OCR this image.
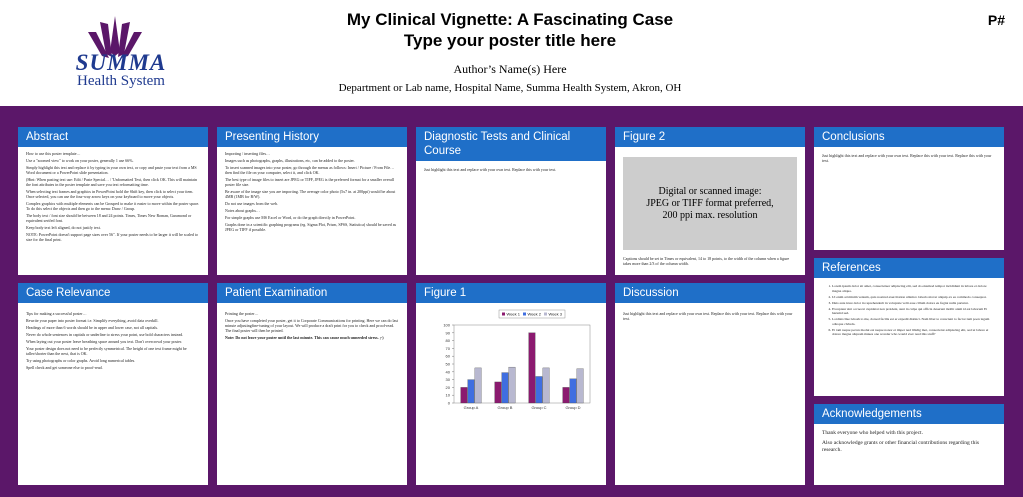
SUMMA
Health System
My Clinical Vignette: A Fascinating Case
Type your poster title here
Author’s Name(s) Here
Department or Lab name, Hospital Name, Summa Health System, Akron, OH
P#
Abstract

How to use this poster template…

Use a "zoomed view" to work on your poster, generally 1 use 66%.

Simply highlight this text and replace it by typing in your own text, or copy and paste your text from a MS Word document or a PowerPoint slide presentation.

(Hint: When pasting text use: Edit / Paste Special… / 'Unformatted Text, then click OK. This will maintain the font attributes in the poster template and save you text reformatting time.

When selecting text frames and graphics in PowerPoint hold the Shift key, then click to select your item. Once selected, you can use the four-way arrow keys on your keyboard to move your objects.

Complex graphics with multiple elements can be Grouped to make it easier to move within the poster space. To do this select the objects and then go to the menu: Draw / Group.

The body text / font size should be between 18 and 24 points. Times, Times New Roman, Garamond or equivalent serifed font.

Keep body text left aligned, do not justify text.

NOTE: PowerPoint doesn't support page sizes over 56". If your poster needs to be larger it will be scaled to size for the final print.

Case Relevance

Tips for making a successful poster…

Rewrite your paper into poster format i.e. Simplify everything, avoid data overkill.

Headings of more than 6 words should be in upper and lower case, not all capitals.

Never do whole sentences in capitals or underline to stress your point, use bold characters instead.

When laying out your poster leave breathing space around you text. Don't overcrowd your poster.

Your poster design does not need to be perfectly symmetrical. The height of one text frame might be taller/shorter than the next, that is OK.

Try using photographs or color graphs. Avoid long numerical tables.

Spell check and get someone else to proof-read.

Presenting History

Importing / inserting files…

Images such as photographs, graphs, illustrations, etc, can be added to the poster.

To insert scanned images into your poster, go through the menus as follows: Insert / Picture / From File… then find the file on your computer, select it, and click OK.

The best type of image files to insert are JPEG or TIFF, JPEG is the preferred format for a smaller overall poster file size.

Be aware of the image size you are importing. The average color photo (5x7 in. at 200ppi) would be about 4MB (1MB for B/W).

Do not use images from the web.

Notes about graphs…

For simple graphs use MS Excel or Word, or do the graph directly in PowerPoint.

Graphs done in a scientific graphing programs (eg. Sigma Plot, Prism, SPSS, Statistica) should be saved as JPEG or TIFF if possible.

Patient Examination

Printing the poster…

Once you have completed your poster, get it to Corporate Communications for printing. Here we can do last minute adjustingfine-tuning of your layout. We will produce a draft print for you to check and proof-read. The final poster will then be printed.

Note: Do not leave your poster until the last minute. This can cause much unneeded stress. ;-)

Diagnostic Tests and Clinical Course

Just highlight this text and replace with your own text. Replace this with your text.

Figure 1
0
10
20
30
40
50
60
70
80
90
100
Week 1 Week 2 Week 3
Group A	Group B	Group C	Group D
Figure 2
Digital or scanned image:
JPEG or TIFF format preferred,
200 ppi max. resolution
Captions should be set in Times or equivalent, 14 to 18 points, to the width of the column when a figure takes more than 2/3 of the column width.
Discussion

Just highlight this text and replace with your own text. Replace this with your text. Replace this with your text.

Conclusions

Just highlight this text and replace with your own text. Replace this with your text. Replace this with your text.

References
1. Lorem ipsum dolor sit amet, consectetuer adipiscing elit, sed do eiusmod tempor incididunt in labore et dolore magna aliqua.
2. Ut enim ad minim veniam, quis nostrud exercitation ullamco laboris nisi ut aliquip ex ea commodo consequat.
3. Duis aute irure dolor in reprehenderit in voluptate velit esse cillum dolore eu fugiat nulla pariatur.
4. Excepteur sint occaecat cupidatat non proident, sunt in culpa qui officia deserunt mollit anim id est laborum Et harumd sed.
5. Lordiats like Ghosh to me, dorsed facilis est er expedit distinct. Nam liber te conscient to factor tum poen legum odioque civiuda.
6. Et tam neque pecun modut est neque nonor et imper ned libidig met, consectetur adipiscing elit, sed ut labore et dolore magna aliquam makes one wonder who would ever read this stuff?
Acknowledgements

Thank everyone who helped with this project.

Also acknowledge grants or other financial contributions regarding this research.
